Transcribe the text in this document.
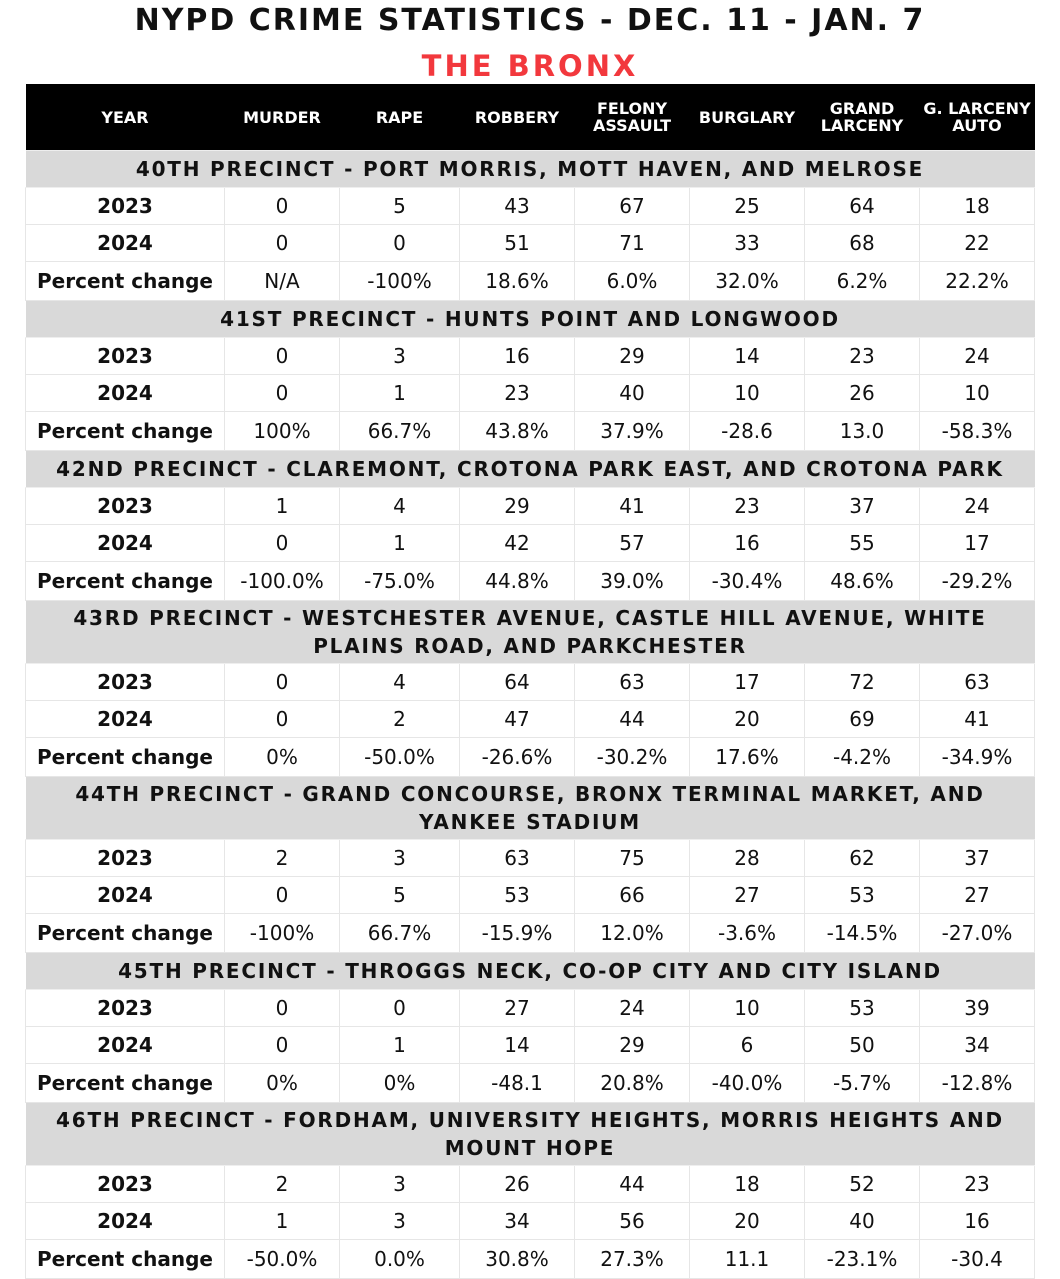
NYPD CRIME STATISTICS - DEC. 11 - JAN. 7
THE BRONX
YEAR	MURDER	RAPE	ROBBERY	FELONY ASSAULT	BURGLARY	GRAND LARCENY	G. LARCENY AUTO
40TH PRECINCT - PORT MORRIS, MOTT HAVEN, AND MELROSE							
2023	0	5	43	67	25	64	18
2024	0	0	51	71	33	68	22
Percent change	N/A	-100%	18.6%	6.0%	32.0%	6.2%	22.2%
41ST PRECINCT - HUNTS POINT AND LONGWOOD							
2023	0	3	16	29	14	23	24
2024	0	1	23	40	10	26	10
Percent change	100%	66.7%	43.8%	37.9%	-28.6	13.0	-58.3%
42ND PRECINCT - CLAREMONT, CROTONA PARK EAST, AND CROTONA PARK							
2023	1	4	29	41	23	37	24
2024	0	1	42	57	16	55	17
Percent change	-100.0%	-75.0%	44.8%	39.0%	-30.4%	48.6%	-29.2%
43RD PRECINCT - WESTCHESTER AVENUE, CASTLE HILL AVENUE, WHITE PLAINS ROAD, AND PARKCHESTER							
2023	0	4	64	63	17	72	63
2024	0	2	47	44	20	69	41
Percent change	0%	-50.0%	-26.6%	-30.2%	17.6%	-4.2%	-34.9%
44TH PRECINCT - GRAND CONCOURSE, BRONX TERMINAL MARKET, AND YANKEE STADIUM							
2023	2	3	63	75	28	62	37
2024	0	5	53	66	27	53	27
Percent change	-100%	66.7%	-15.9%	12.0%	-3.6%	-14.5%	-27.0%
45TH PRECINCT - THROGGS NECK, CO-OP CITY AND CITY ISLAND							
2023	0	0	27	24	10	53	39
2024	0	1	14	29	6	50	34
Percent change	0%	0%	-48.1	20.8%	-40.0%	-5.7%	-12.8%
46TH PRECINCT - FORDHAM, UNIVERSITY HEIGHTS, MORRIS HEIGHTS AND MOUNT HOPE							
2023	2	3	26	44	18	52	23
2024	1	3	34	56	20	40	16
Percent change	-50.0%	0.0%	30.8%	27.3%	11.1	-23.1%	-30.4
